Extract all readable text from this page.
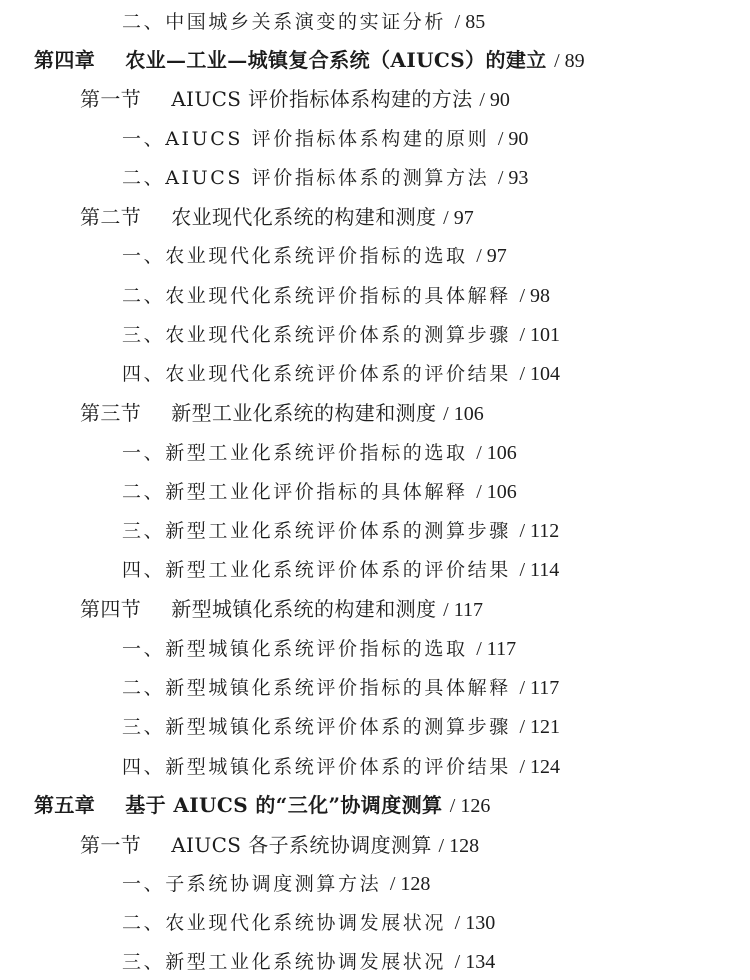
二、中国城乡关系演变的实证分析 / 85
第四章 农业—工业—城镇复合系统（AIUCS）的建立 / 89
第一节 AIUCS 评价指标体系构建的方法 / 90
一、AIUCS 评价指标体系构建的原则 / 90
二、AIUCS 评价指标体系的测算方法 / 93
第二节 农业现代化系统的构建和测度 / 97
一、农业现代化系统评价指标的选取 / 97
二、农业现代化系统评价指标的具体解释 / 98
三、农业现代化系统评价体系的测算步骤 / 101
四、农业现代化系统评价体系的评价结果 / 104
第三节 新型工业化系统的构建和测度 / 106
一、新型工业化系统评价指标的选取 / 106
二、新型工业化评价指标的具体解释 / 106
三、新型工业化系统评价体系的测算步骤 / 112
四、新型工业化系统评价体系的评价结果 / 114
第四节 新型城镇化系统的构建和测度 / 117
一、新型城镇化系统评价指标的选取 / 117
二、新型城镇化系统评价指标的具体解释 / 117
三、新型城镇化系统评价体系的测算步骤 / 121
四、新型城镇化系统评价体系的评价结果 / 124
第五章 基于 AIUCS 的“三化”协调度测算 / 126
第一节 AIUCS 各子系统协调度测算 / 128
一、子系统协调度测算方法 / 128
二、农业现代化系统协调发展状况 / 130
三、新型工业化系统协调发展状况 / 134
